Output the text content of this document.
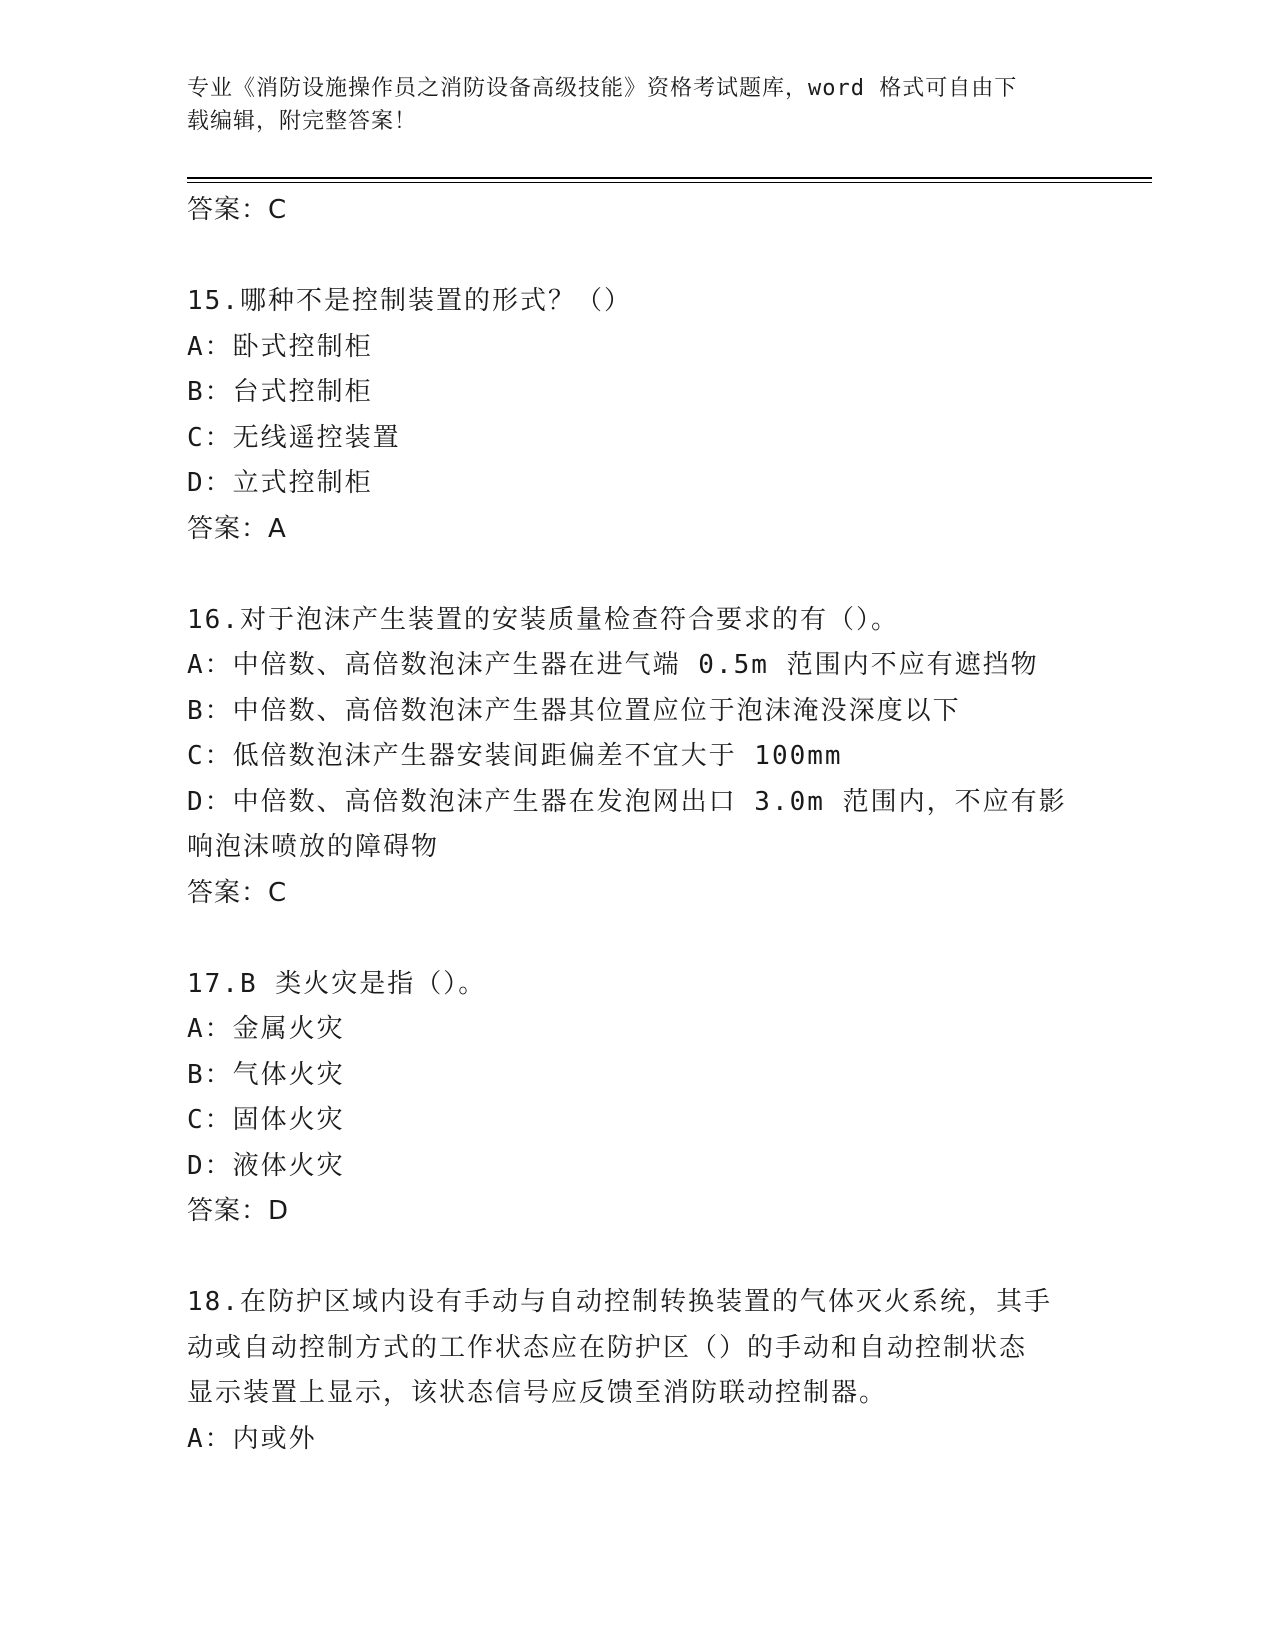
专业《消防设施操作员之消防设备高级技能》资格考试题库，word 格式可自由下
载编辑，附完整答案！
答案：C
15.哪种不是控制装置的形式？（）
A：卧式控制柜
B：台式控制柜
C：无线遥控装置
D：立式控制柜
答案：A
16.对于泡沫产生装置的安装质量检查符合要求的有（）。
A：中倍数、高倍数泡沫产生器在进气端 0.5m 范围内不应有遮挡物
B：中倍数、高倍数泡沫产生器其位置应位于泡沫淹没深度以下
C：低倍数泡沫产生器安装间距偏差不宜大于 100mm
D：中倍数、高倍数泡沫产生器在发泡网出口 3.0m 范围内，不应有影
响泡沫喷放的障碍物
答案：C
17.B 类火灾是指（）。
A：金属火灾
B：气体火灾
C：固体火灾
D：液体火灾
答案：D
18.在防护区域内设有手动与自动控制转换装置的气体灭火系统，其手
动或自动控制方式的工作状态应在防护区（）的手动和自动控制状态
显示装置上显示，该状态信号应反馈至消防联动控制器。
A：内或外
